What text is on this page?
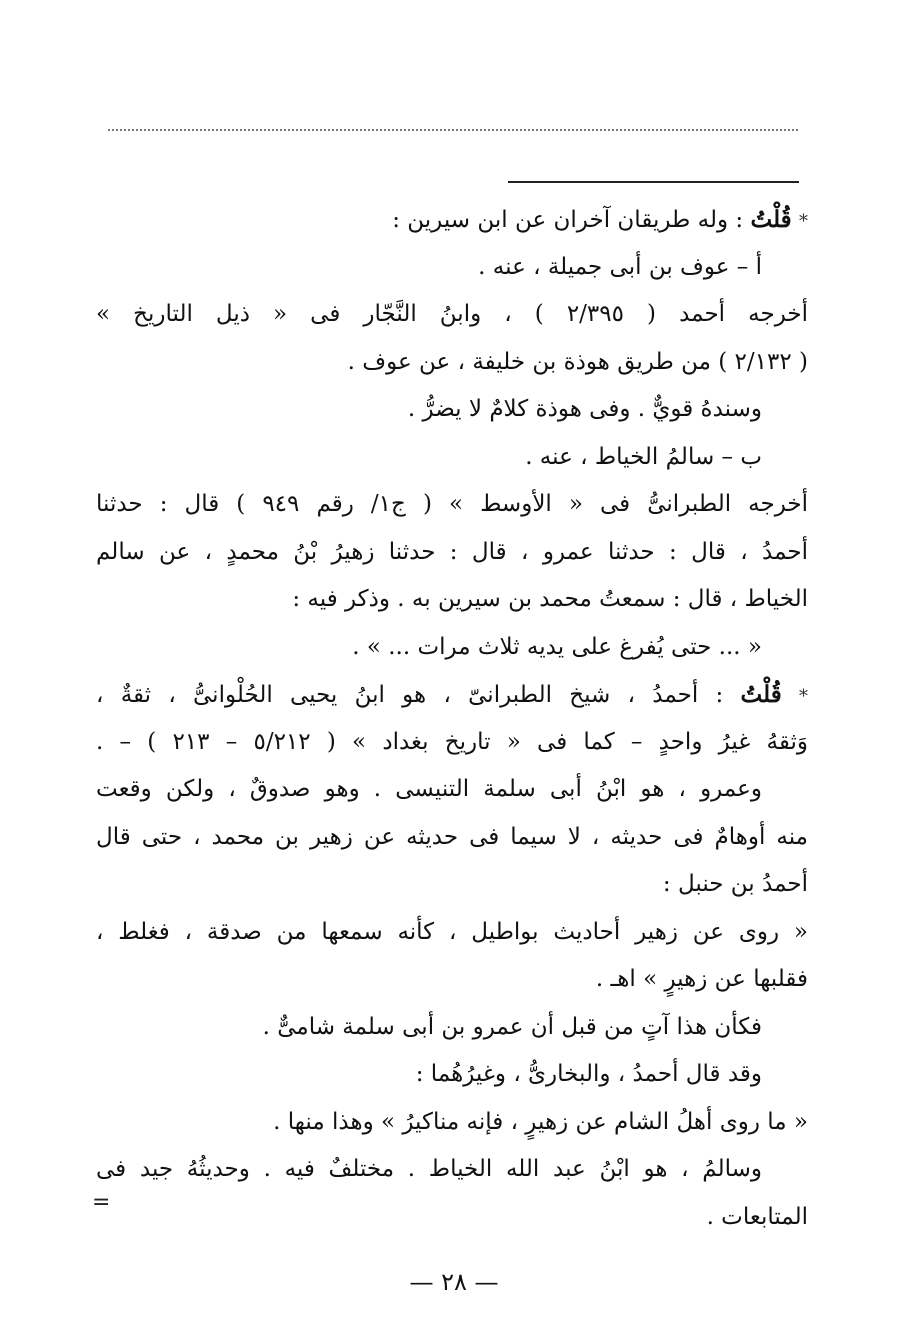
* قُلْتُ : وله طريقان آخران عن ابن سيرين :
أ – عوف بن أبى جميلة ، عنه .
أخرجه أحمد ( ٢/٣٩٥ ) ، وابنُ النَّجّار فى « ذيل التاريخ »
( ٢/١٣٢ ) من طريق هوذة بن خليفة ، عن عوف .
وسندهُ قويٌّ . وفى هوذة كلامٌ لا يضرُّ .
ب – سالمُ الخياط ، عنه .
أخرجه الطبرانىُّ فى « الأوسط » ( ج١/ رقم ٩٤٩ ) قال : حدثنا
أحمدُ ، قال : حدثنا عمرو ، قال : حدثنا زهيرُ بْنُ محمدٍ ، عن سالم
الخياط ، قال : سمعتُ محمد بن سيرين به . وذكر فيه :
« ... حتى يُفرغ على يديه ثلاث مرات ... » .
* قُلْتُ : أحمدُ ، شيخ الطبرانىّ ، هو ابنُ يحيى الحُلْوانىُّ ، ثقةٌ ،
وَثقهُ غيرُ واحدٍ – كما فى « تاريخ بغداد » ( ٥/٢١٢ – ٢١٣ ) – .
وعمرو ، هو ابْنُ أبى سلمة التنيسى . وهو صدوقٌ ، ولكن وقعت
منه أوهامٌ فى حديثه ، لا سيما فى حديثه عن زهير بن محمد ، حتى قال
أحمدُ بن حنبل :
« روى عن زهير أحاديث بواطيل ، كأنه سمعها من صدقة ، فغلط ،
فقلبها عن زهيرٍ » اهـ .
فكأن هذا آتٍ من قبل أن عمرو بن أبى سلمة شامىٌّ .
وقد قال أحمدُ ، والبخارىُّ ، وغيرُهُما :
« ما روى أهلُ الشام عن زهيرٍ ، فإنه مناكيرُ » وهذا منها .
وسالمُ ، هو ابْنُ عبد الله الخياط . مختلفٌ فيه . وحديثُهُ جيد فى
المتابعات .
=
— ٢٨ —
